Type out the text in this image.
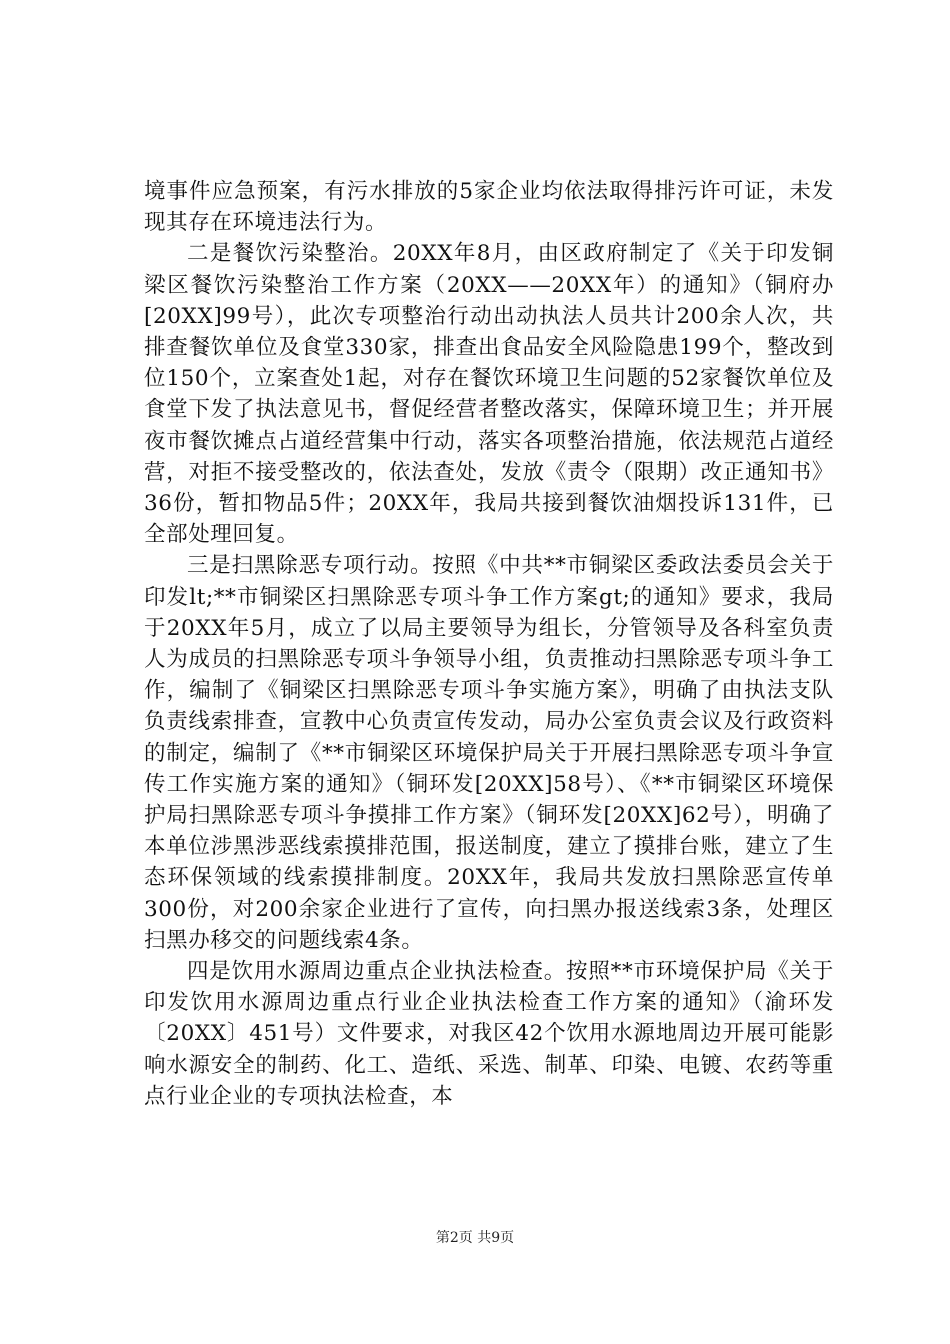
境事件应急预案，有污水排放的5家企业均依法取得排污许可证，未发现其存在环境违法行为。

二是餐饮污染整治。20XX年8月，由区政府制定了《关于印发铜梁区餐饮污染整治工作方案（20XX——20XX年）的通知》（铜府办[20XX]99号），此次专项整治行动出动执法人员共计200余人次，共排查餐饮单位及食堂330家，排查出食品安全风险隐患199个，整改到位150个，立案查处1起，对存在餐饮环境卫生问题的52家餐饮单位及食堂下发了执法意见书，督促经营者整改落实，保障环境卫生；并开展夜市餐饮摊点占道经营集中行动，落实各项整治措施，依法规范占道经营，对拒不接受整改的，依法查处，发放《责令（限期）改正通知书》36份，暂扣物品5件；20XX年，我局共接到餐饮油烟投诉131件，已全部处理回复。

三是扫黑除恶专项行动。按照《中共**市铜梁区委政法委员会关于印发lt;**市铜梁区扫黑除恶专项斗争工作方案gt;的通知》要求，我局于20XX年5月，成立了以局主要领导为组长，分管领导及各科室负责人为成员的扫黑除恶专项斗争领导小组，负责推动扫黑除恶专项斗争工作，编制了《铜梁区扫黑除恶专项斗争实施方案》，明确了由执法支队负责线索排查，宣教中心负责宣传发动，局办公室负责会议及行政资料的制定，编制了《**市铜梁区环境保护局关于开展扫黑除恶专项斗争宣传工作实施方案的通知》（铜环发[20XX]58号）、《**市铜梁区环境保护局扫黑除恶专项斗争摸排工作方案》（铜环发[20XX]62号），明确了本单位涉黑涉恶线索摸排范围，报送制度，建立了摸排台账，建立了生态环保领域的线索摸排制度。20XX年，我局共发放扫黑除恶宣传单300份，对200余家企业进行了宣传，向扫黑办报送线索3条，处理区扫黑办移交的问题线索4条。

四是饮用水源周边重点企业执法检查。按照**市环境保护局《关于印发饮用水源周边重点行业企业执法检查工作方案的通知》（渝环发〔20XX〕451号）文件要求，对我区42个饮用水源地周边开展可能影响水源安全的制药、化工、造纸、采选、制革、印染、电镀、农药等重点行业企业的专项执法检查，本

第2页 共9页
